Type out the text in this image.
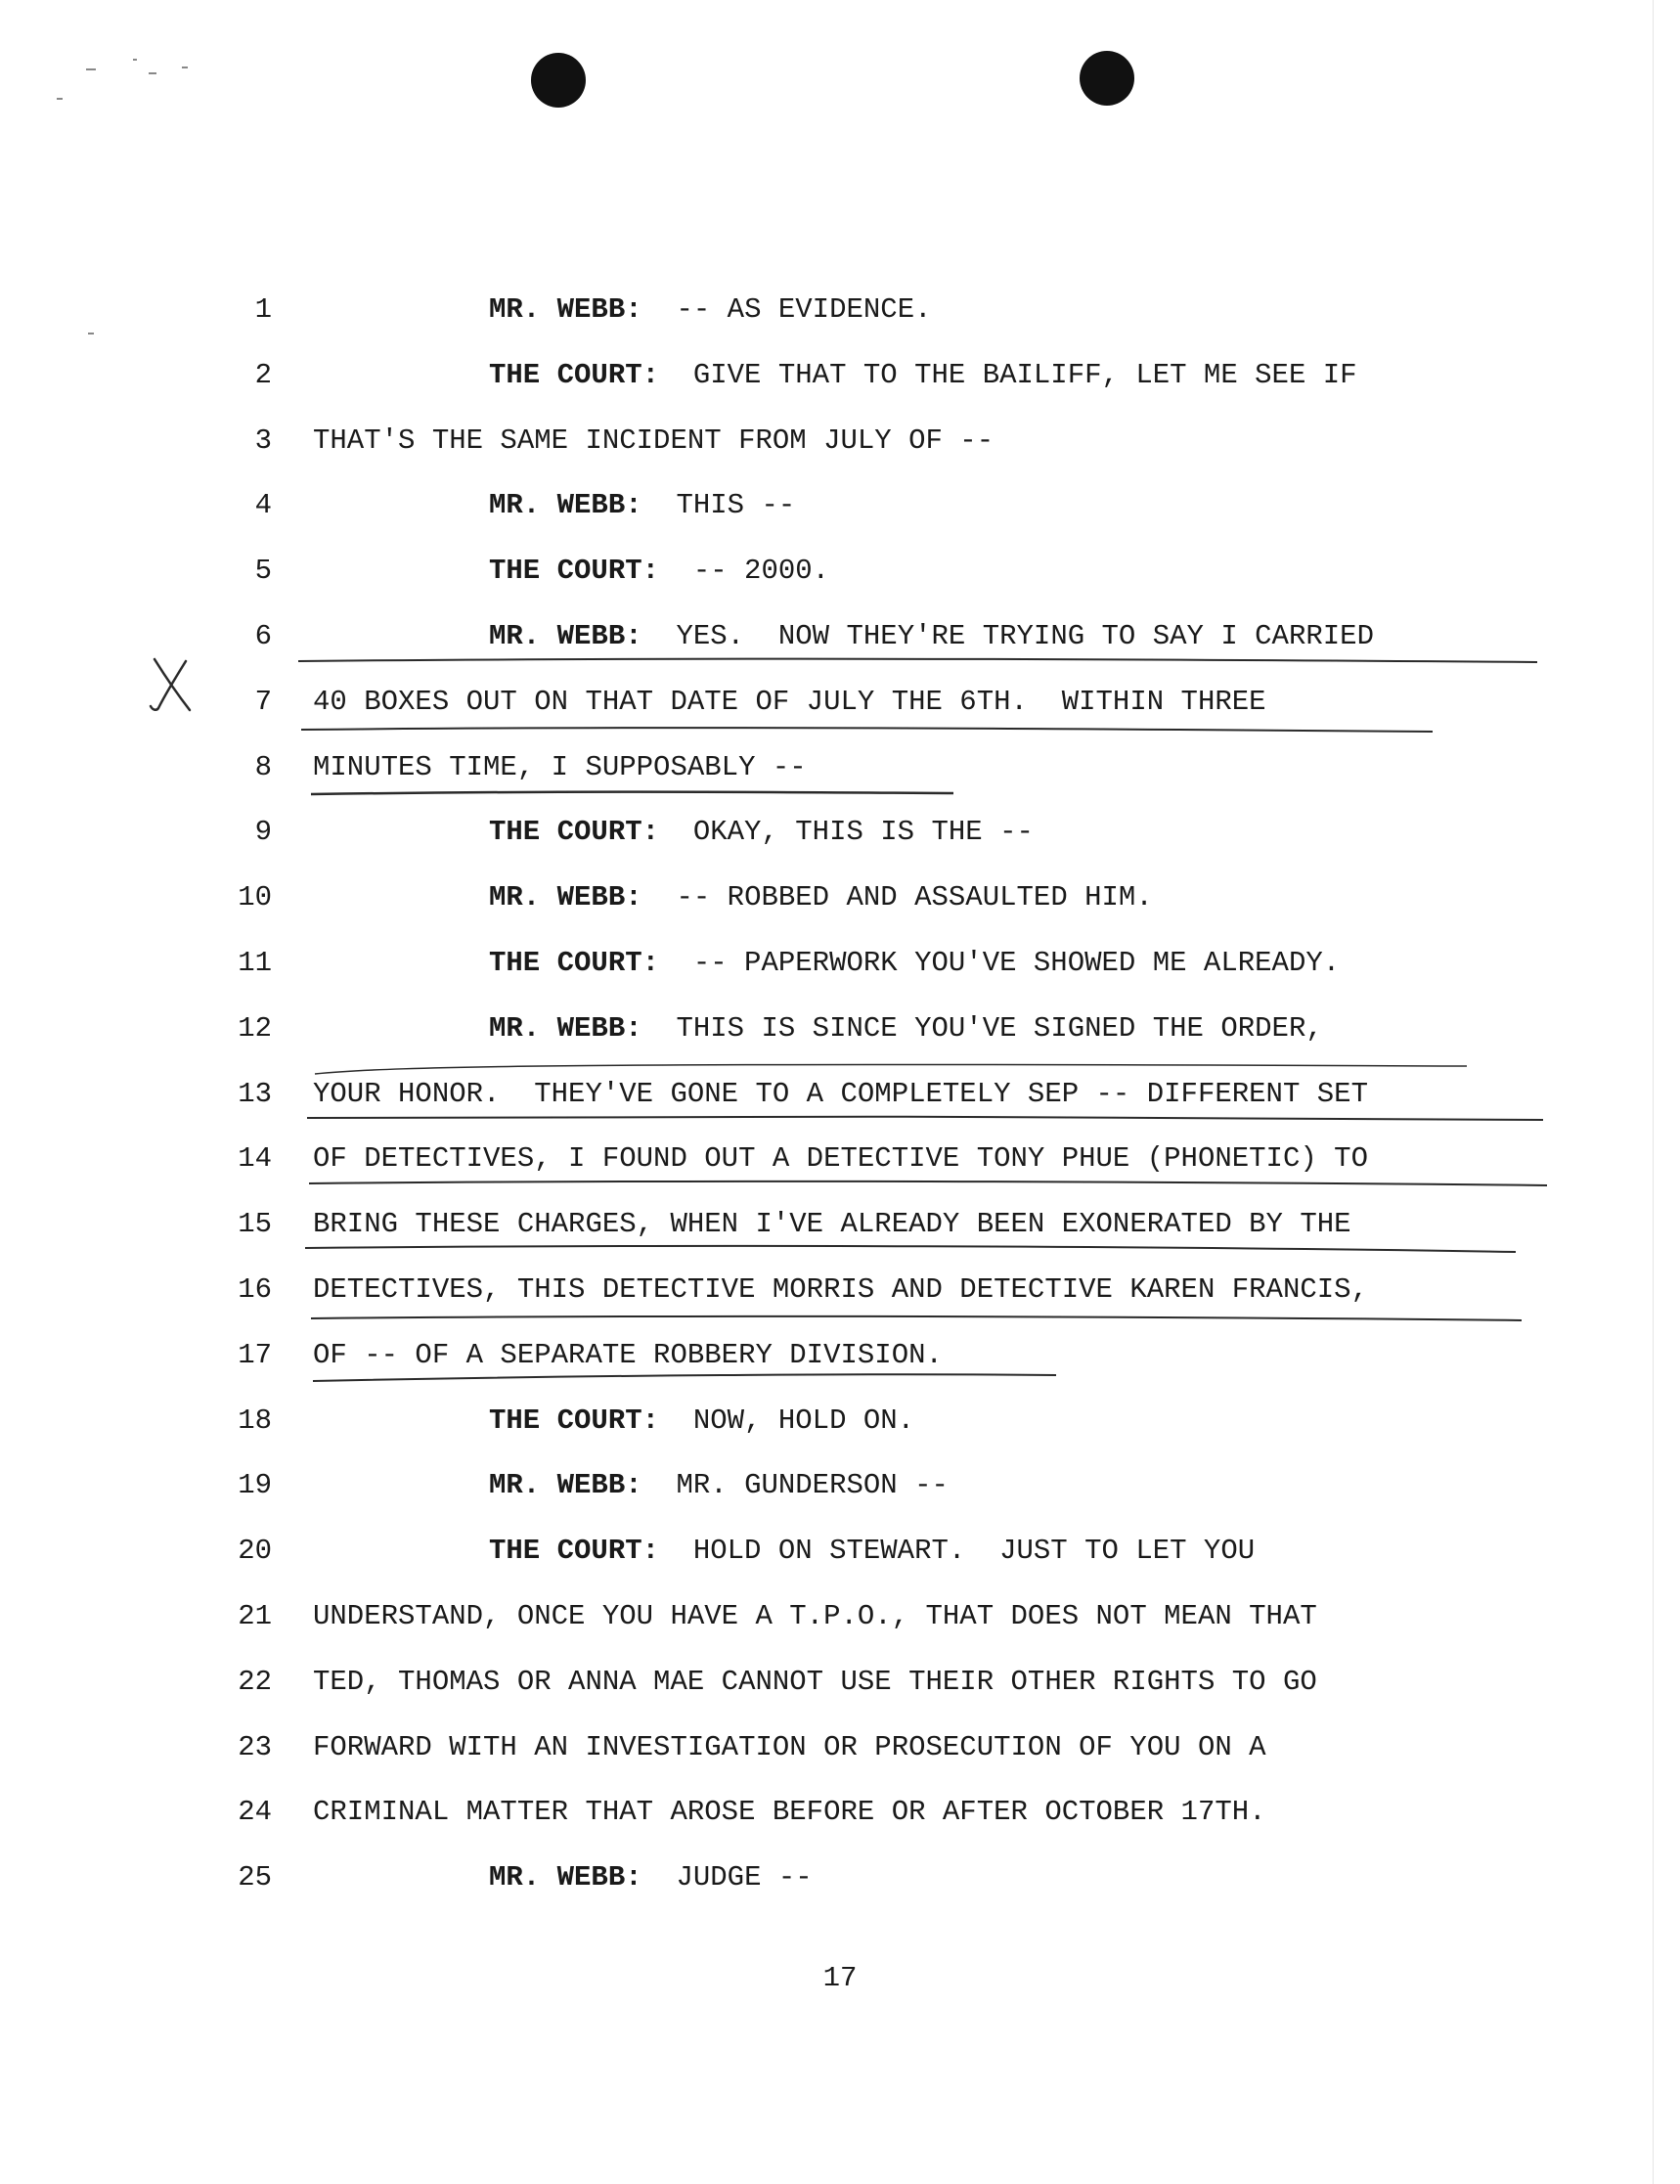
1	MR. WEBB: -- AS EVIDENCE.
2	THE COURT: GIVE THAT TO THE BAILIFF, LET ME SEE IF
3 THAT'S THE SAME INCIDENT FROM JULY OF --
4	MR. WEBB: THIS --
5	THE COURT: -- 2000.
6	MR. WEBB: YES.  NOW THEY'RE TRYING TO SAY I CARRIED
7 40 BOXES OUT ON THAT DATE OF JULY THE 6TH.  WITHIN THREE
8 MINUTES TIME, I SUPPOSABLY --
9	THE COURT: OKAY, THIS IS THE --
10	MR. WEBB: -- ROBBED AND ASSAULTED HIM.
11	THE COURT: -- PAPERWORK YOU'VE SHOWED ME ALREADY.
12	MR. WEBB: THIS IS SINCE YOU'VE SIGNED THE ORDER,
13 YOUR HONOR.  THEY'VE GONE TO A COMPLETELY SEP -- DIFFERENT SET
14 OF DETECTIVES, I FOUND OUT A DETECTIVE TONY PHUE (PHONETIC) TO
15 BRING THESE CHARGES, WHEN I'VE ALREADY BEEN EXONERATED BY THE
16 DETECTIVES, THIS DETECTIVE MORRIS AND DETECTIVE KAREN FRANCIS,
17 OF -- OF A SEPARATE ROBBERY DIVISION.
18	THE COURT: NOW, HOLD ON.
19	MR. WEBB: MR. GUNDERSON --
20	THE COURT: HOLD ON STEWART.  JUST TO LET YOU
21 UNDERSTAND, ONCE YOU HAVE A T.P.O., THAT DOES NOT MEAN THAT
22 TED, THOMAS OR ANNA MAE CANNOT USE THEIR OTHER RIGHTS TO GO
23 FORWARD WITH AN INVESTIGATION OR PROSECUTION OF YOU ON A
24 CRIMINAL MATTER THAT AROSE BEFORE OR AFTER OCTOBER 17TH.
25	MR. WEBB: JUDGE --
17
